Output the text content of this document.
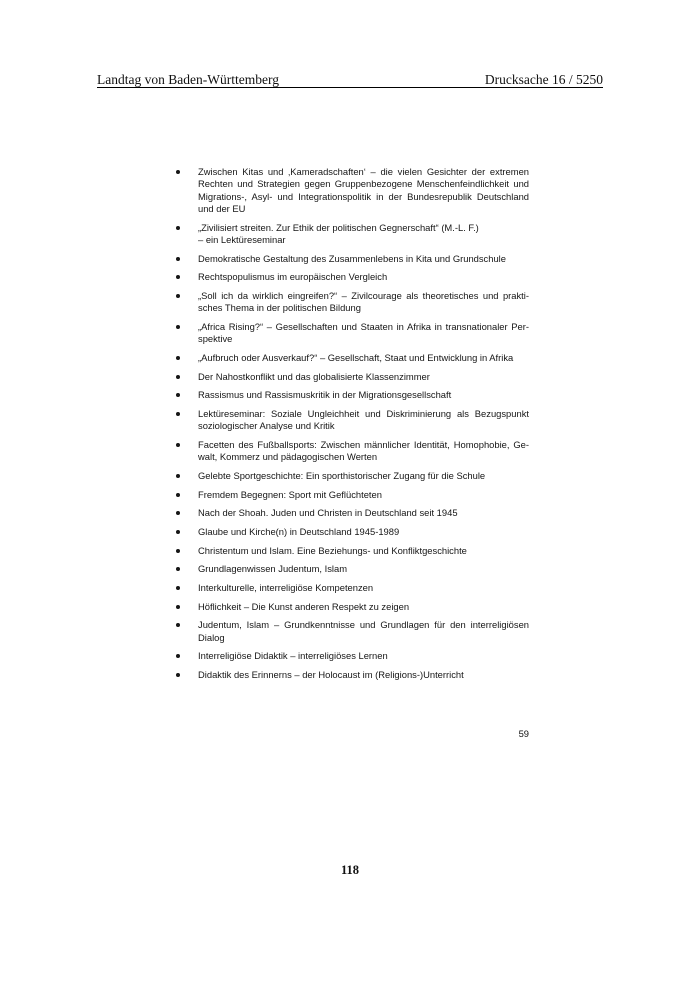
Landtag von Baden-Württemberg	Drucksache 16 / 5250
Zwischen Kitas und ‚Kameradschaften‘ – die vielen Gesichter der extremen Rechten und Strategien gegen Gruppenbezogene Menschenfeindlichkeit und Migrations-, Asyl- und Integrationspolitik in der Bundesrepublik Deutschland und der EU
„Zivilisiert streiten. Zur Ethik der politischen Gegnerschaft“ (M.-L. F.)
– ein Lektüreseminar
Demokratische Gestaltung des Zusammenlebens in Kita und Grundschule
Rechtspopulismus im europäischen Vergleich
„Soll ich da wirklich eingreifen?“ – Zivilcourage als theoretisches und prakti-sches Thema in der politischen Bildung
„Africa Rising?“ – Gesellschaften und Staaten in Afrika in transnationaler Per-spektive
„Aufbruch oder Ausverkauf?“ – Gesellschaft, Staat und Entwicklung in Afrika
Der Nahostkonflikt und das globalisierte Klassenzimmer
Rassismus und Rassismuskritik in der Migrationsgesellschaft
Lektüreseminar: Soziale Ungleichheit und Diskriminierung als Bezugspunkt soziologischer Analyse und Kritik
Facetten des Fußballsports: Zwischen männlicher Identität, Homophobie, Ge-walt, Kommerz und pädagogischen Werten
Gelebte Sportgeschichte: Ein sporthistorischer Zugang für die Schule
Fremdem Begegnen: Sport mit Geflüchteten
Nach der Shoah. Juden und Christen in Deutschland seit 1945
Glaube und Kirche(n) in Deutschland 1945-1989
Christentum und Islam. Eine Beziehungs- und Konfliktgeschichte
Grundlagenwissen Judentum, Islam
Interkulturelle, interreligiöse Kompetenzen
Höflichkeit – Die Kunst anderen Respekt zu zeigen
Judentum, Islam – Grundkenntnisse und Grundlagen für den interreligiösen Dialog
Interreligiöse Didaktik – interreligiöses Lernen
Didaktik des Erinnerns – der Holocaust im (Religions-)Unterricht
59
118
